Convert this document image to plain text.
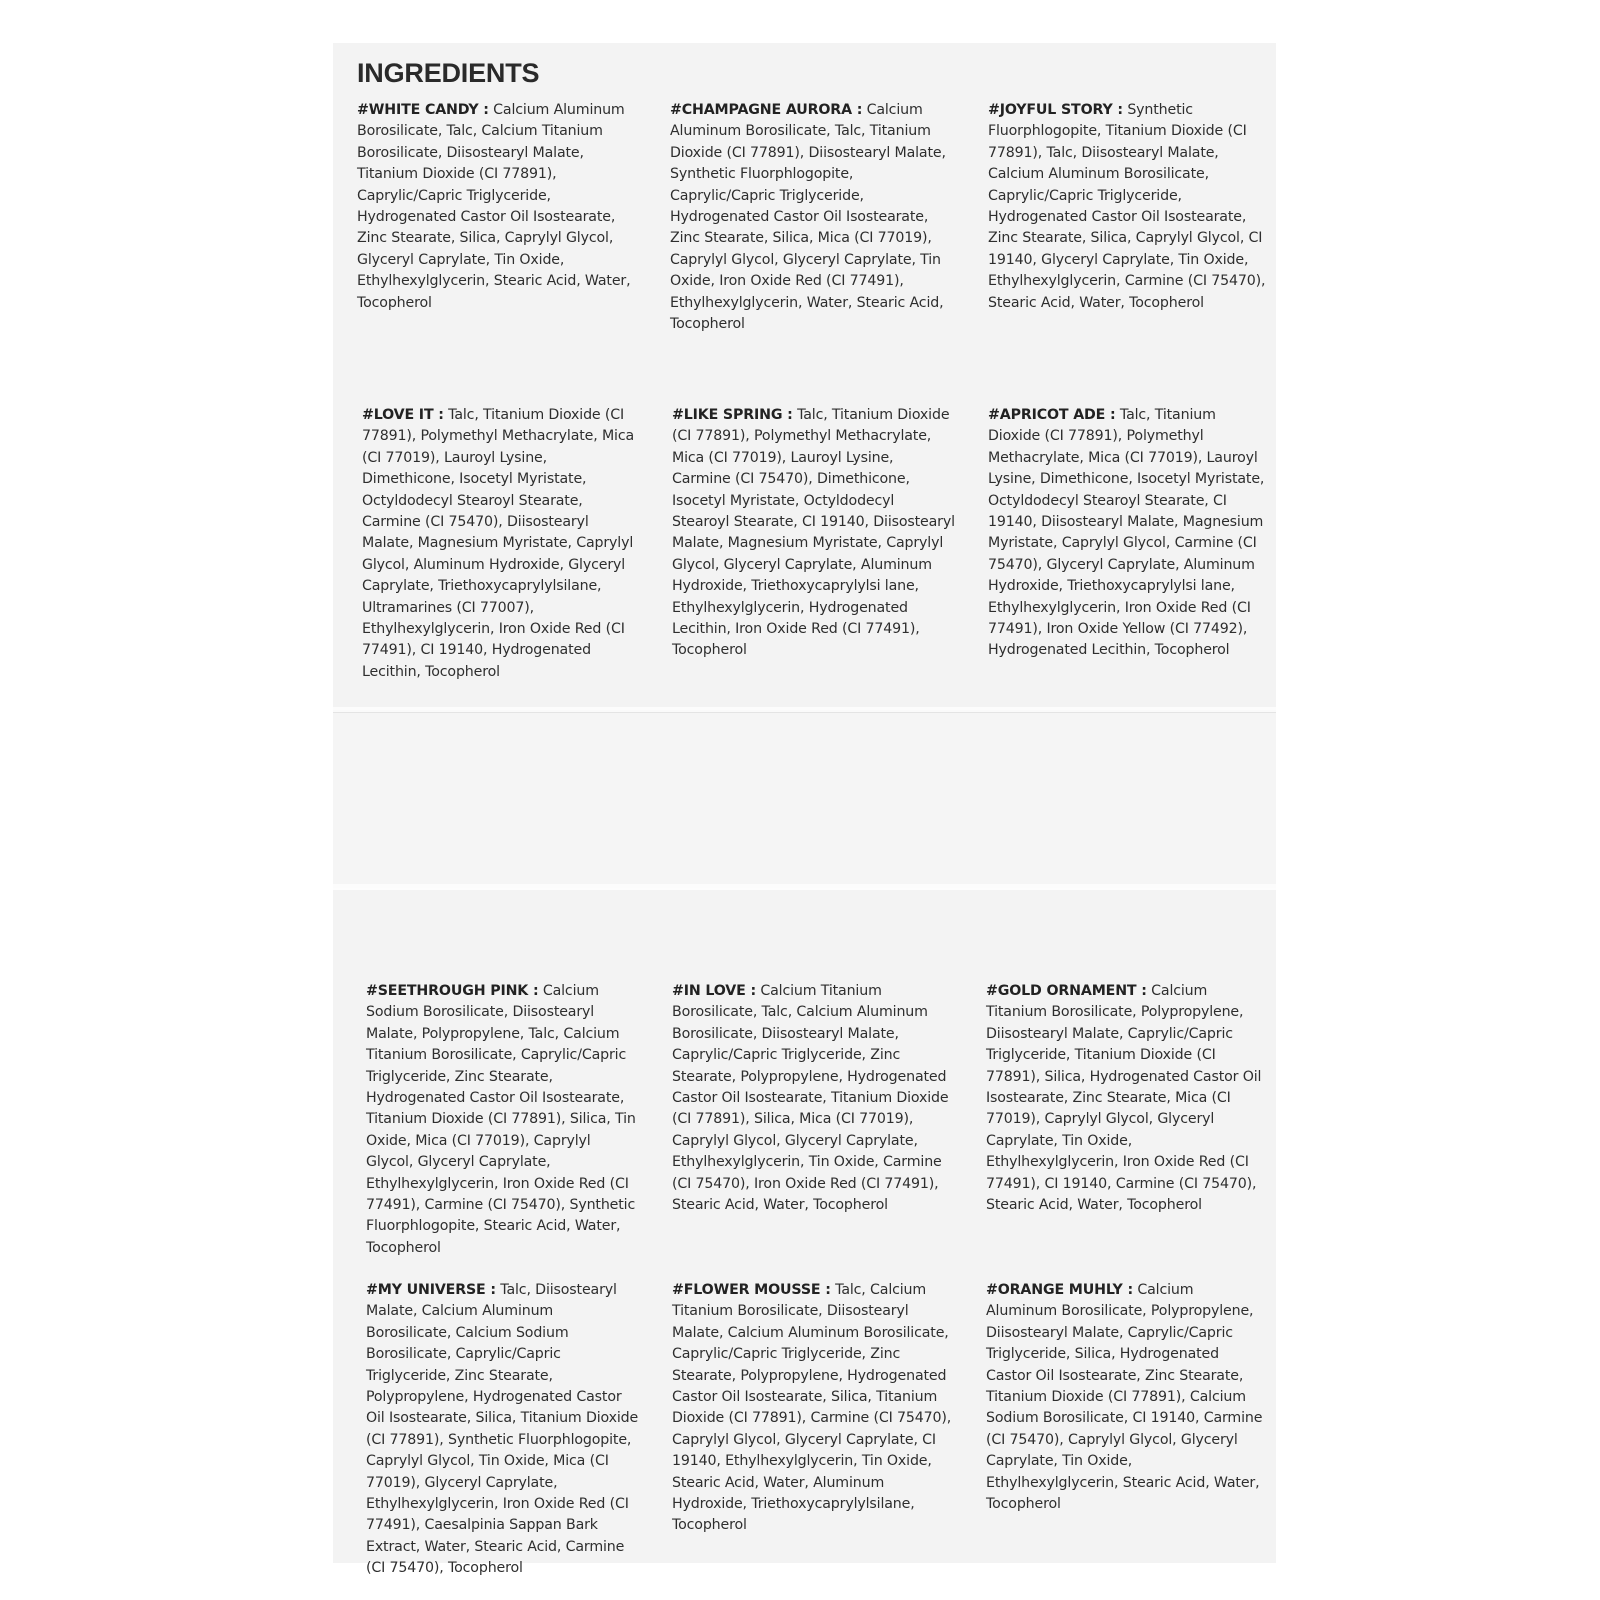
INGREDIENTS

#WHITE CANDY : Calcium Aluminum Borosilicate, Talc, Calcium Titanium Borosilicate, Diisostearyl Malate, Titanium Dioxide (CI 77891), Caprylic/Capric Triglyceride, Hydrogenated Castor Oil Isostearate, Zinc Stearate, Silica, Caprylyl Glycol, Glyceryl Caprylate, Tin Oxide, Ethylhexylglycerin, Stearic Acid, Water, Tocopherol

#CHAMPAGNE AURORA : Calcium Aluminum Borosilicate, Talc, Titanium Dioxide (CI 77891), Diisostearyl Malate, Synthetic Fluorphlogopite, Caprylic/Capric Triglyceride, Hydrogenated Castor Oil Isostearate, Zinc Stearate, Silica, Mica (CI 77019), Caprylyl Glycol, Glyceryl Caprylate, Tin Oxide, Iron Oxide Red (CI 77491), Ethylhexylglycerin, Water, Stearic Acid, Tocopherol

#JOYFUL STORY : Synthetic Fluorphlogopite, Titanium Dioxide (CI 77891), Talc, Diisostearyl Malate, Calcium Aluminum Borosilicate, Caprylic/Capric Triglyceride, Hydrogenated Castor Oil Isostearate, Zinc Stearate, Silica, Caprylyl Glycol, CI 19140, Glyceryl Caprylate, Tin Oxide, Ethylhexylglycerin, Carmine (CI 75470), Stearic Acid, Water, Tocopherol

#LOVE IT : Talc, Titanium Dioxide (CI 77891), Polymethyl Methacrylate, Mica (CI 77019), Lauroyl Lysine, Dimethicone, Isocetyl Myristate, Octyldodecyl Stearoyl Stearate, Carmine (CI 75470), Diisostearyl Malate, Magnesium Myristate, Caprylyl Glycol, Aluminum Hydroxide, Glyceryl Caprylate, Triethoxycaprylylsilane, Ultramarines (CI 77007), Ethylhexylglycerin, Iron Oxide Red (CI 77491), CI 19140, Hydrogenated Lecithin, Tocopherol

#LIKE SPRING : Talc, Titanium Dioxide (CI 77891), Polymethyl Methacrylate, Mica (CI 77019), Lauroyl Lysine, Carmine (CI 75470), Dimethicone, Isocetyl Myristate, Octyldodecyl Stearoyl Stearate, CI 19140, Diisostearyl Malate, Magnesium Myristate, Caprylyl Glycol, Glyceryl Caprylate, Aluminum Hydroxide, Triethoxycaprylylsi lane, Ethylhexylglycerin, Hydrogenated Lecithin, Iron Oxide Red (CI 77491), Tocopherol

#APRICOT ADE : Talc, Titanium Dioxide (CI 77891), Polymethyl Methacrylate, Mica (CI 77019), Lauroyl Lysine, Dimethicone, Isocetyl Myristate, Octyldodecyl Stearoyl Stearate, CI 19140, Diisostearyl Malate, Magnesium Myristate, Caprylyl Glycol, Carmine (CI 75470), Glyceryl Caprylate, Aluminum Hydroxide, Triethoxycaprylylsi lane, Ethylhexylglycerin, Iron Oxide Red (CI 77491), Iron Oxide Yellow (CI 77492), Hydrogenated Lecithin, Tocopherol

#SEETHROUGH PINK : Calcium Sodium Borosilicate, Diisostearyl Malate, Polypropylene, Talc, Calcium Titanium Borosilicate, Caprylic/Capric Triglyceride, Zinc Stearate, Hydrogenated Castor Oil Isostearate, Titanium Dioxide (CI 77891), Silica, Tin Oxide, Mica (CI 77019), Caprylyl Glycol, Glyceryl Caprylate, Ethylhexylglycerin, Iron Oxide Red (CI 77491), Carmine (CI 75470), Synthetic Fluorphlogopite, Stearic Acid, Water, Tocopherol

#IN LOVE : Calcium Titanium Borosilicate, Talc, Calcium Aluminum Borosilicate, Diisostearyl Malate, Caprylic/Capric Triglyceride, Zinc Stearate, Polypropylene, Hydrogenated Castor Oil Isostearate, Titanium Dioxide (CI 77891), Silica, Mica (CI 77019), Caprylyl Glycol, Glyceryl Caprylate, Ethylhexylglycerin, Tin Oxide, Carmine (CI 75470), Iron Oxide Red (CI 77491), Stearic Acid, Water, Tocopherol

#GOLD ORNAMENT : Calcium Titanium Borosilicate, Polypropylene, Diisostearyl Malate, Caprylic/Capric Triglyceride, Titanium Dioxide (CI 77891), Silica, Hydrogenated Castor Oil Isostearate, Zinc Stearate, Mica (CI 77019), Caprylyl Glycol, Glyceryl Caprylate, Tin Oxide, Ethylhexylglycerin, Iron Oxide Red (CI 77491), CI 19140, Carmine (CI 75470), Stearic Acid, Water, Tocopherol

#MY UNIVERSE : Talc, Diisostearyl Malate, Calcium Aluminum Borosilicate, Calcium Sodium Borosilicate, Caprylic/Capric Triglyceride, Zinc Stearate, Polypropylene, Hydrogenated Castor Oil Isostearate, Silica, Titanium Dioxide (CI 77891), Synthetic Fluorphlogopite, Caprylyl Glycol, Tin Oxide, Mica (CI 77019), Glyceryl Caprylate, Ethylhexylglycerin, Iron Oxide Red (CI 77491), Caesalpinia Sappan Bark Extract, Water, Stearic Acid, Carmine (CI 75470), Tocopherol

#FLOWER MOUSSE : Talc, Calcium Titanium Borosilicate, Diisostearyl Malate, Calcium Aluminum Borosilicate, Caprylic/Capric Triglyceride, Zinc Stearate, Polypropylene, Hydrogenated Castor Oil Isostearate, Silica, Titanium Dioxide (CI 77891), Carmine (CI 75470), Caprylyl Glycol, Glyceryl Caprylate, CI 19140, Ethylhexylglycerin, Tin Oxide, Stearic Acid, Water, Aluminum Hydroxide, Triethoxycaprylylsilane, Tocopherol

#ORANGE MUHLY : Calcium Aluminum Borosilicate, Polypropylene, Diisostearyl Malate, Caprylic/Capric Triglyceride, Silica, Hydrogenated Castor Oil Isostearate, Zinc Stearate, Titanium Dioxide (CI 77891), Calcium Sodium Borosilicate, CI 19140, Carmine (CI 75470), Caprylyl Glycol, Glyceryl Caprylate, Tin Oxide, Ethylhexylglycerin, Stearic Acid, Water, Tocopherol
